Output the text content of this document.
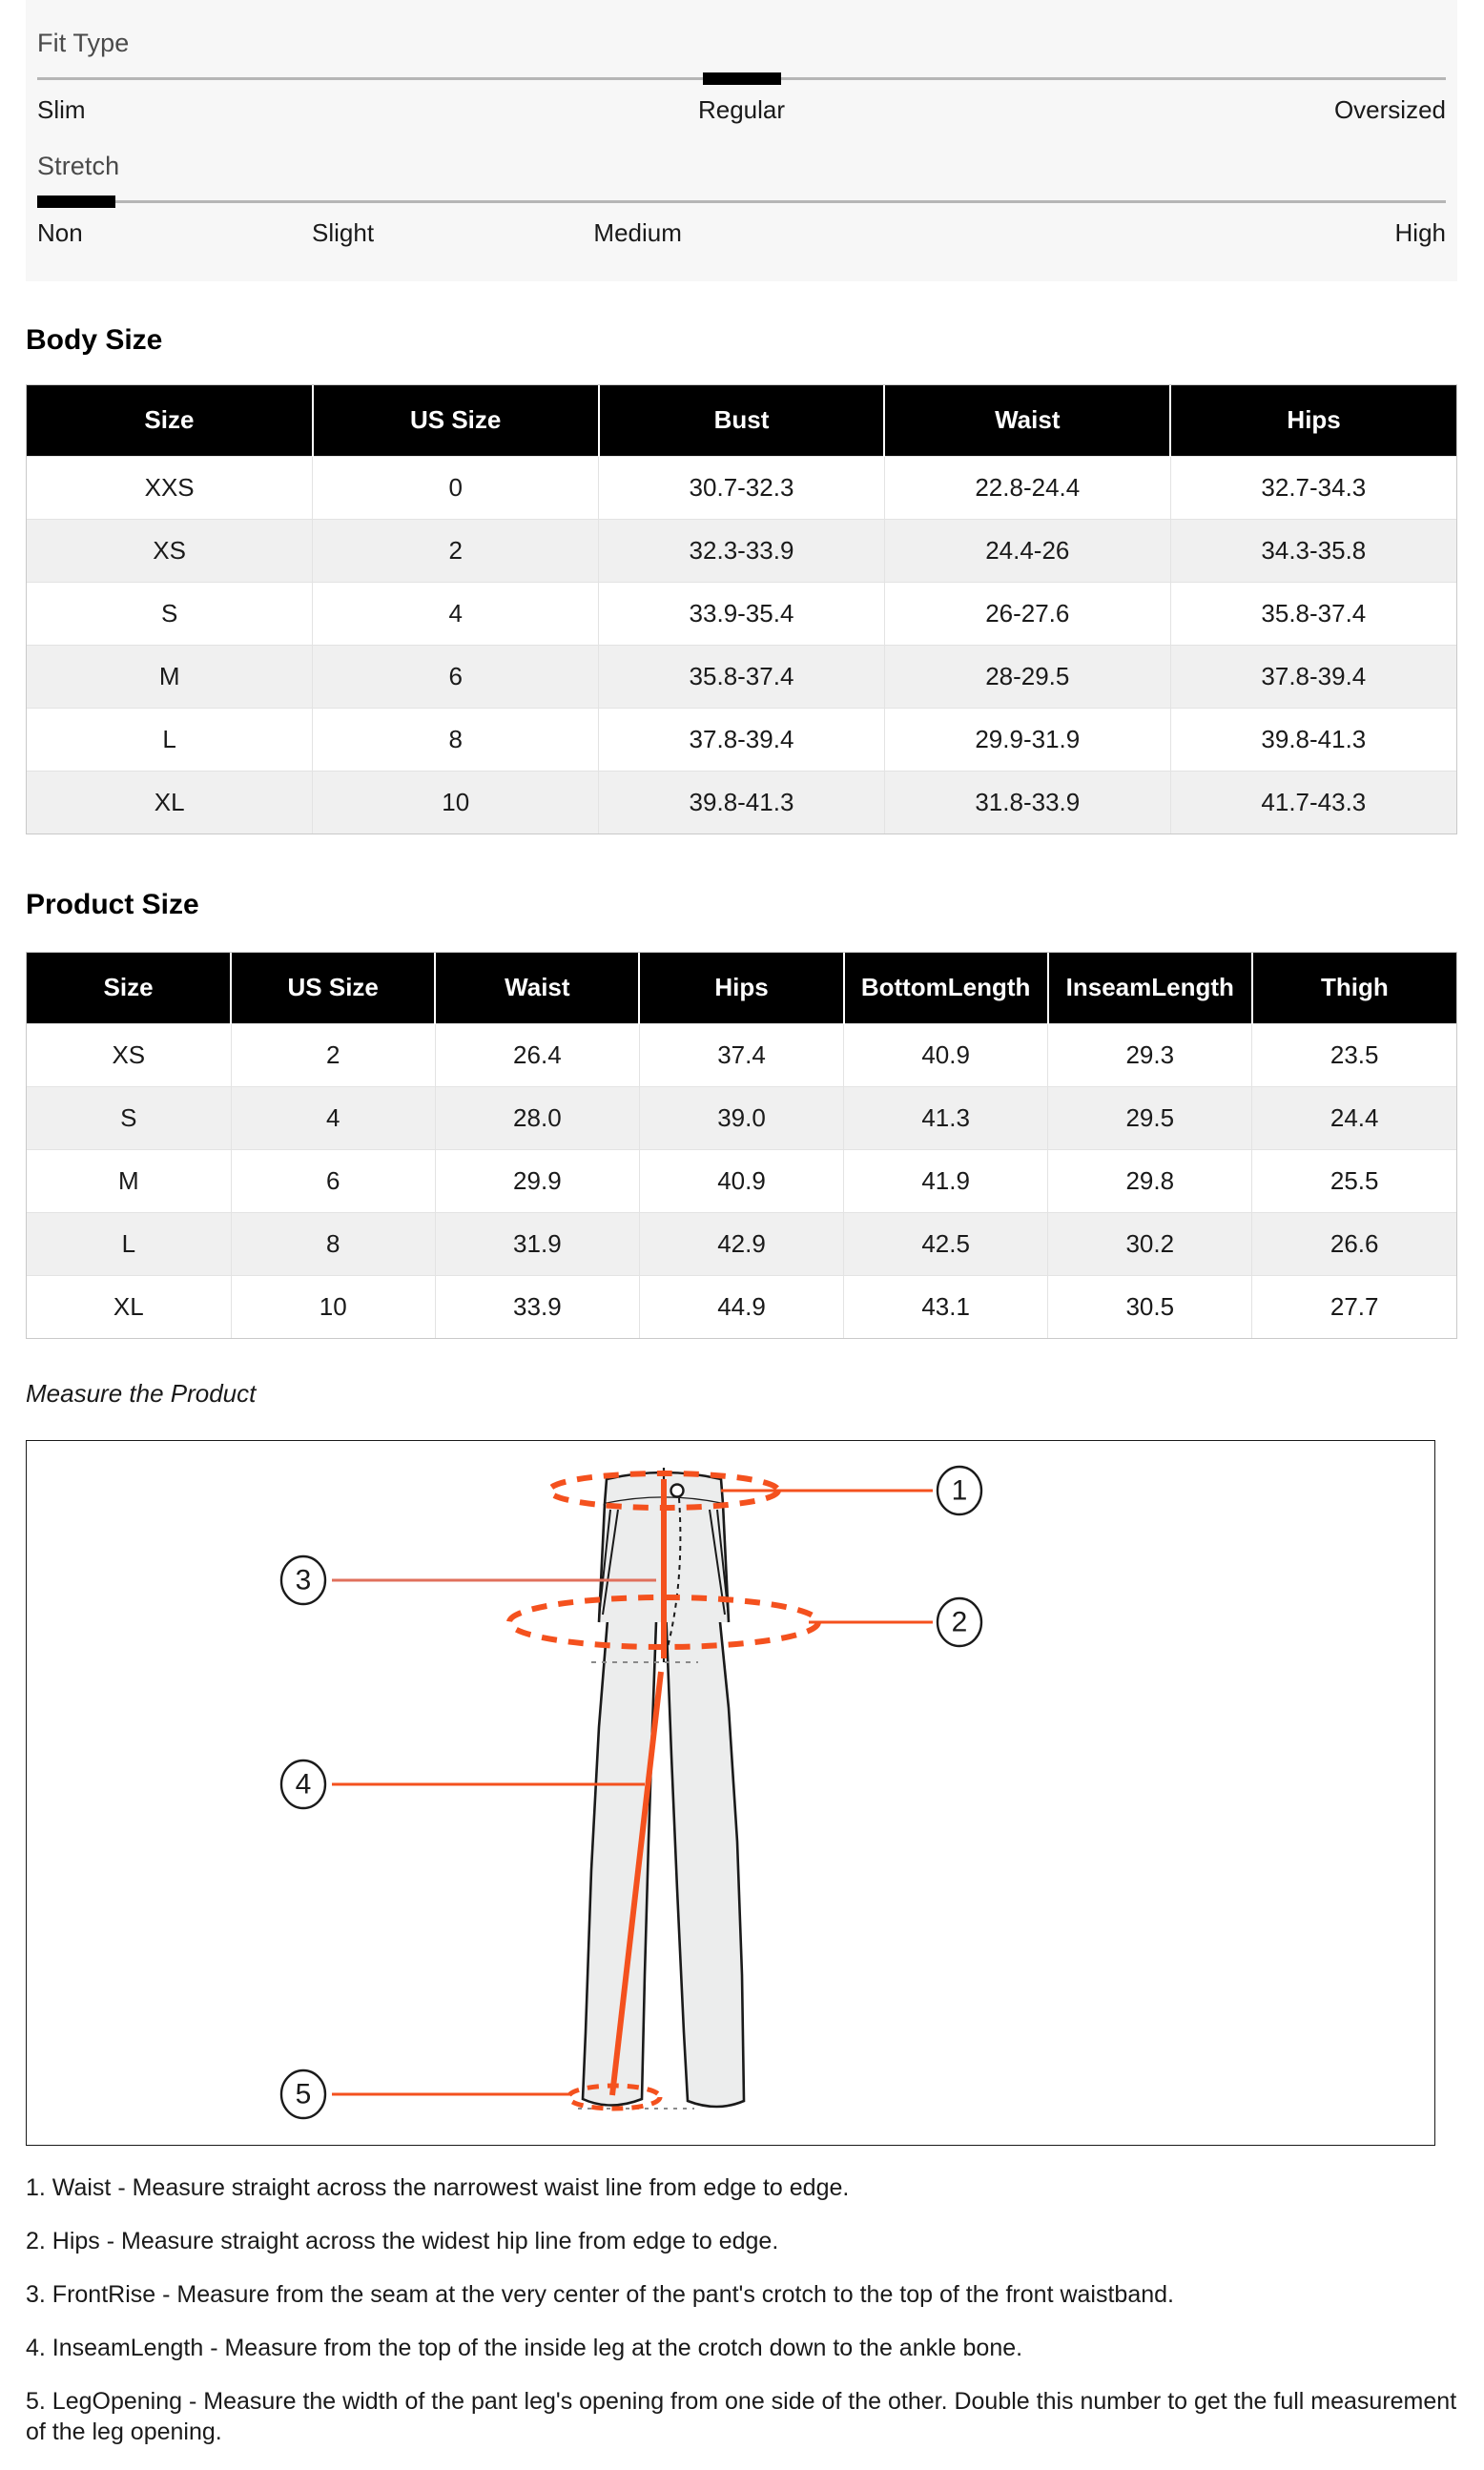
Fit Type
Slim	Regular	Oversized
Stretch
Non	Slight	Medium	High
Body Size
Size	US Size	Bust	Waist	Hips
XXS	0	30.7-32.3	22.8-24.4	32.7-34.3
XS	2	32.3-33.9	24.4-26	34.3-35.8
S	4	33.9-35.4	26-27.6	35.8-37.4
M	6	35.8-37.4	28-29.5	37.8-39.4
L	8	37.8-39.4	29.9-31.9	39.8-41.3
XL	10	39.8-41.3	31.8-33.9	41.7-43.3
Product Size
Size	US Size	Waist	Hips	BottomLength	InseamLength	Thigh
XS	2	26.4	37.4	40.9	29.3	23.5
S	4	28.0	39.0	41.3	29.5	24.4
M	6	29.9	40.9	41.9	29.8	25.5
L	8	31.9	42.9	42.5	30.2	26.6
XL	10	33.9	44.9	43.1	30.5	27.7
Measure the Product
1
2
3
4
5
1. Waist - Measure straight across the narrowest waist line from edge to edge.
2. Hips - Measure straight across the widest hip line from edge to edge.
3. FrontRise - Measure from the seam at the very center of the pant's crotch to the top of the front waistband.
4. InseamLength - Measure from the top of the inside leg at the crotch down to the ankle bone.
5. LegOpening - Measure the width of the pant leg's opening from one side of the other. Double this number to get the full measurement of the leg opening.
